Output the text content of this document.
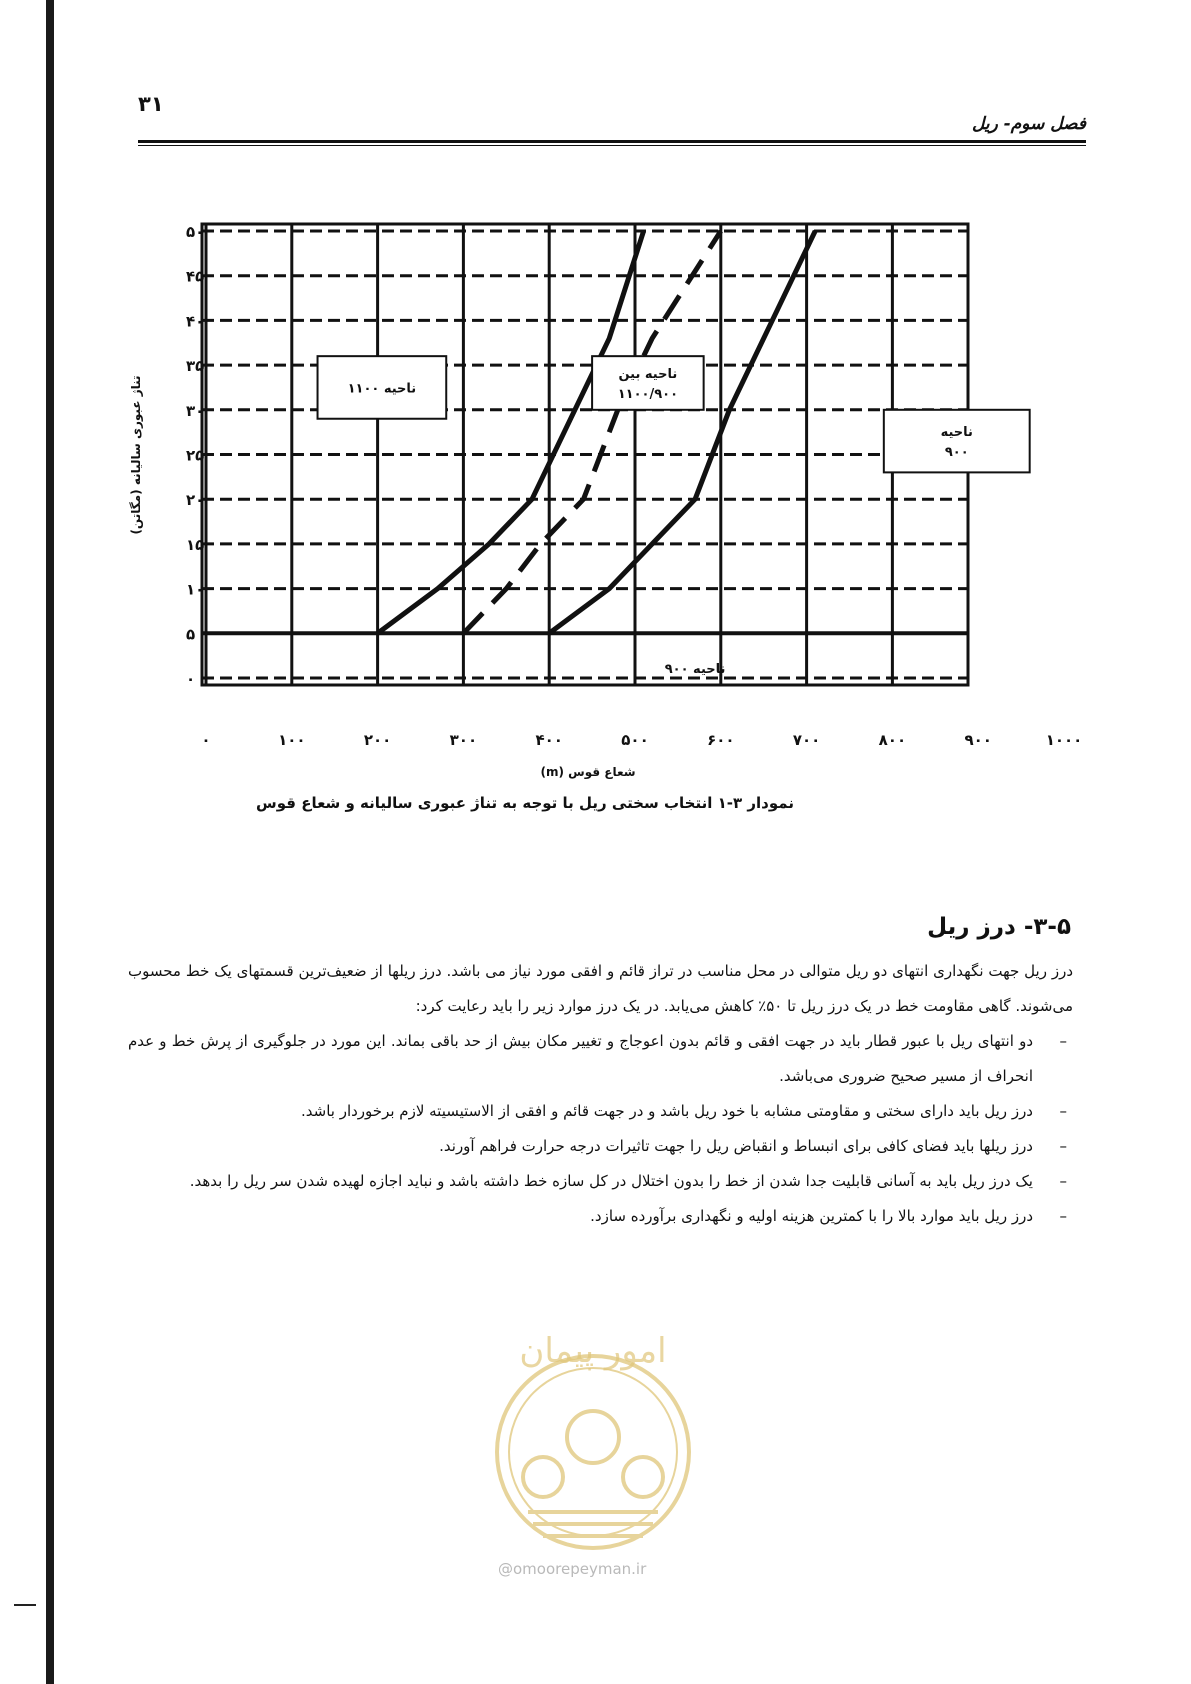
۳۱
فصل سوم- ریل
ناحیه ۱۱۰۰
ناحیه بین
۱۱۰۰/۹۰۰
ناحیه
۹۰۰
ناحیه ۹۰۰
۰
۵
۱۰
۱۵
۲۰
۲۵
۳۰
۳۵
۴۰
۴۵
۵۰
۰	۱۰۰	۲۰۰	۳۰۰	۴۰۰	۵۰۰	۶۰۰	۷۰۰	۸۰۰	۹۰۰	۱۰۰۰
شعاع قوس (m)
تناژ عبوری سالیانه (مگاتن)
نمودار ۳-۱ انتخاب سختی ریل با توجه به تناژ عبوری سالیانه و شعاع قوس
۳-۵- درز ریل

درز ریل جهت نگهداری انتهای دو ریل متوالی در محل مناسب در تراز قائم و افقی مورد نیاز می باشد. درز ریلها از ضعیف‌ترین قسمتهای یک خط محسوب می‌شوند. گاهی مقاومت خط در یک درز ریل تا ۵۰٪ کاهش می‌یابد. در یک درز موارد زیر را باید رعایت کرد:

–
دو انتهای ریل با عبور قطار باید در جهت افقی و قائم بدون اعوجاج و تغییر مکان بیش از حد باقی بماند. این مورد در جلوگیری از پرش خط و عدم انحراف از مسیر صحیح ضروری می‌باشد.
–
درز ریل باید دارای سختی و مقاومتی مشابه با خود ریل باشد و در جهت قائم و افقی از الاستیسیته لازم برخوردار باشد.
–
درز ریلها باید فضای کافی برای انبساط و انقباض ریل را جهت تاثیرات درجه حرارت فراهم آورند.
–
یک درز ریل باید به آسانی قابلیت جدا شدن از خط را بدون اختلال در کل سازه خط داشته باشد و نباید اجازه لهیده شدن سر ریل را بدهد.
–
درز ریل باید موارد بالا را با کمترین هزینه اولیه و نگهداری برآورده سازد.
امور پیمان
@omoorepeyman.ir
